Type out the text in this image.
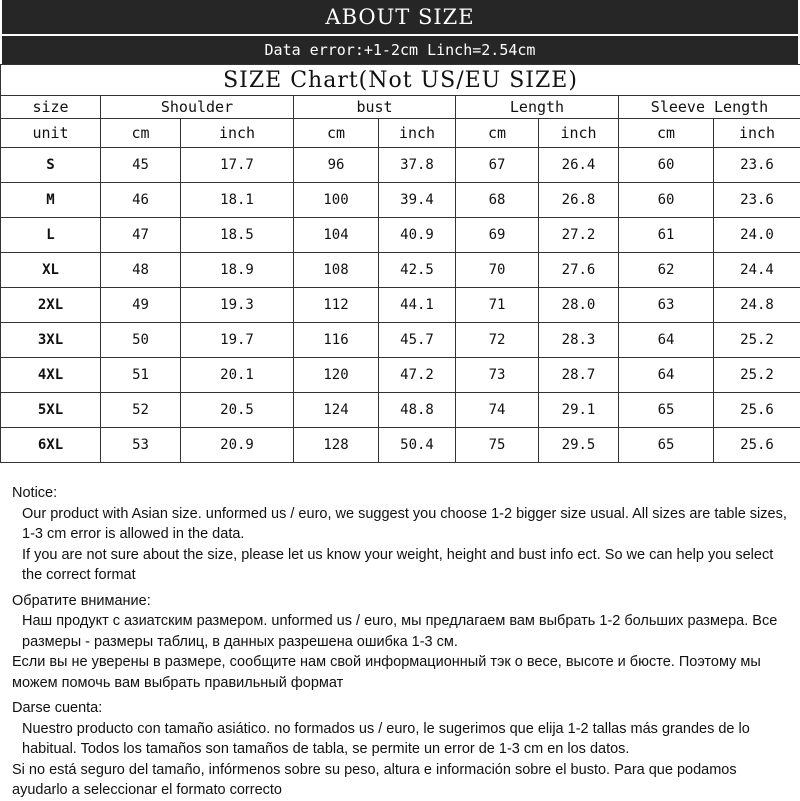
ABOUT SIZE
Data error:+1-2cm Linch=2.54cm
SIZE Chart(Not US/EU SIZE)								
size	Shoulder		bust		Length		Sleeve Length	
unit	cm	inch	cm	inch	cm	inch	cm	inch
S	45	17.7	96	37.8	67	26.4	60	23.6
M	46	18.1	100	39.4	68	26.8	60	23.6
L	47	18.5	104	40.9	69	27.2	61	24.0
XL	48	18.9	108	42.5	70	27.6	62	24.4
2XL	49	19.3	112	44.1	71	28.0	63	24.8
3XL	50	19.7	116	45.7	72	28.3	64	25.2
4XL	51	20.1	120	47.2	73	28.7	64	25.2
5XL	52	20.5	124	48.8	74	29.1	65	25.6
6XL	53	20.9	128	50.4	75	29.5	65	25.6

Notice:

Our product with Asian size. unformed us / euro, we suggest you choose 1-2 bigger size usual. All sizes are table sizes, 1-3 cm error is allowed in the data.

If you are not sure about the size, please let us know your weight, height and bust info ect. So we can help you select the correct format

Обратите внимание:

Наш продукт с азиатским размером. unformed us / euro, мы предлагаем вам выбрать 1-2 больших размера. Все размеры - размеры таблиц, в данных разрешена ошибка 1-3 см.

Если вы не уверены в размере, сообщите нам свой информационный тэк о весе, высоте и бюсте. Поэтому мы можем помочь вам выбрать правильный формат

Darse cuenta:

Nuestro producto con tamaño asiático. no formados us / euro, le sugerimos que elija 1-2 tallas más grandes de lo habitual. Todos los tamaños son tamaños de tabla, se permite un error de 1-3 cm en los datos.

Si no está seguro del tamaño, infórmenos sobre su peso, altura e información sobre el busto. Para que podamos ayudarlo a seleccionar el formato correcto
